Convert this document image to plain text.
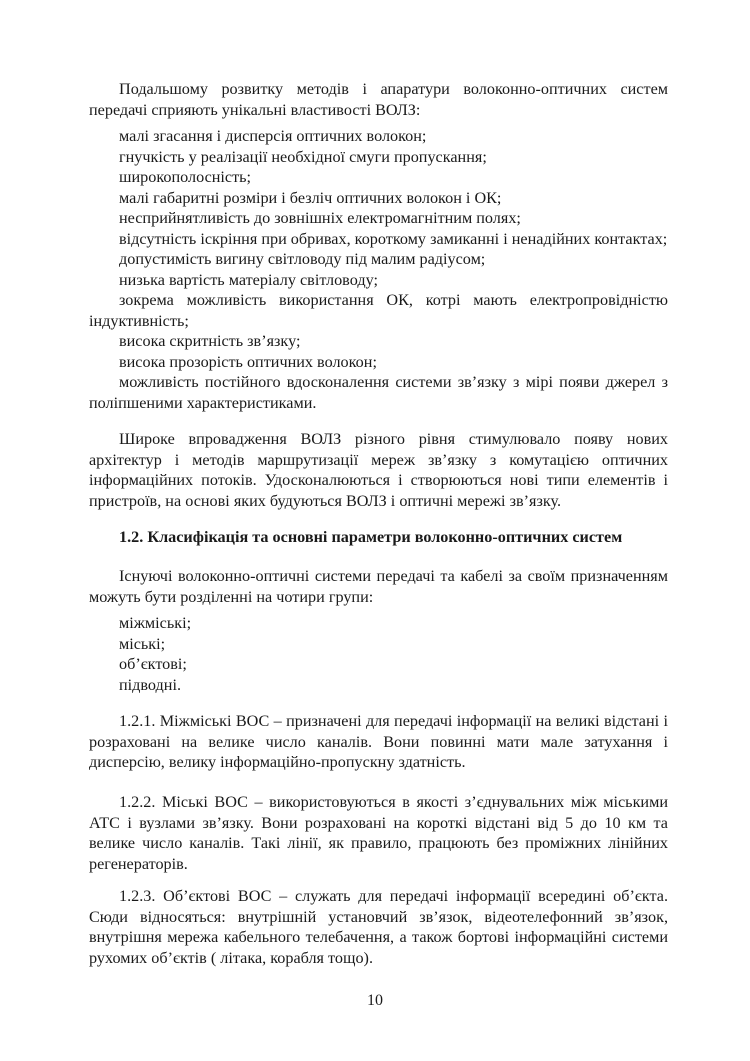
Подальшому розвитку методів і апаратури волоконно-оптичних систем передачі сприяють унікальні властивості ВОЛЗ:

малі згасання і дисперсія оптичних волокон;

гнучкість у реалізації необхідної смуги пропускання;

широкополосність;

малі габаритні розміри і безліч оптичних волокон і ОК;

несприйнятливість до зовнішніх електромагнітним полях;

відсутність іскріння при обривах, короткому замиканні і ненадійних контактах;

допустимість вигину світловоду під малим радіусом;

низька вартість матеріалу світловоду;

зокрема можливість використання ОК, котрі мають електропровідністю індуктивність;

висока скритність зв’язку;

висока прозорість оптичних волокон;

можливість постійного вдосконалення системи зв’язку з мірі появи джерел з поліпшеними характеристиками.

Широке впровадження ВОЛЗ різного рівня стимулювало появу нових архітектур і методів маршрутизації мереж зв’язку з комутацією оптичних інформаційних потоків. Удосконалюються і створюються нові типи елементів і пристроїв, на основі яких будуються ВОЛЗ і оптичні мережі зв’язку.

1.2. Класифікація та основні параметри волоконно-оптичних систем

Існуючі волоконно-оптичні системи передачі та кабелі за своїм призначенням можуть бути розділенні на чотири групи:

міжміські;

міські;

об’єктові;

підводні.

1.2.1. Міжміські ВОС – призначені для передачі інформації на великі відстані і розраховані на велике число каналів. Вони повинні мати мале затухання і дисперсію, велику інформаційно-пропускну здатність.

1.2.2. Міські ВОС – використовуються в якості з’єднувальних між міськими АТС і вузлами зв’язку. Вони розраховані на короткі відстані від 5 до 10 км та велике число каналів. Такі лінії, як правило, працюють без проміжних лінійних регенераторів.

1.2.3. Об’єктові ВОС – служать для передачі інформації всередині об’єкта. Сюди відносяться: внутрішній установчий зв’язок, відеотелефонний зв’язок, внутрішня мережа кабельного телебачення, а також бортові інформаційні системи рухомих об’єктів ( літака, корабля тощо).

10
